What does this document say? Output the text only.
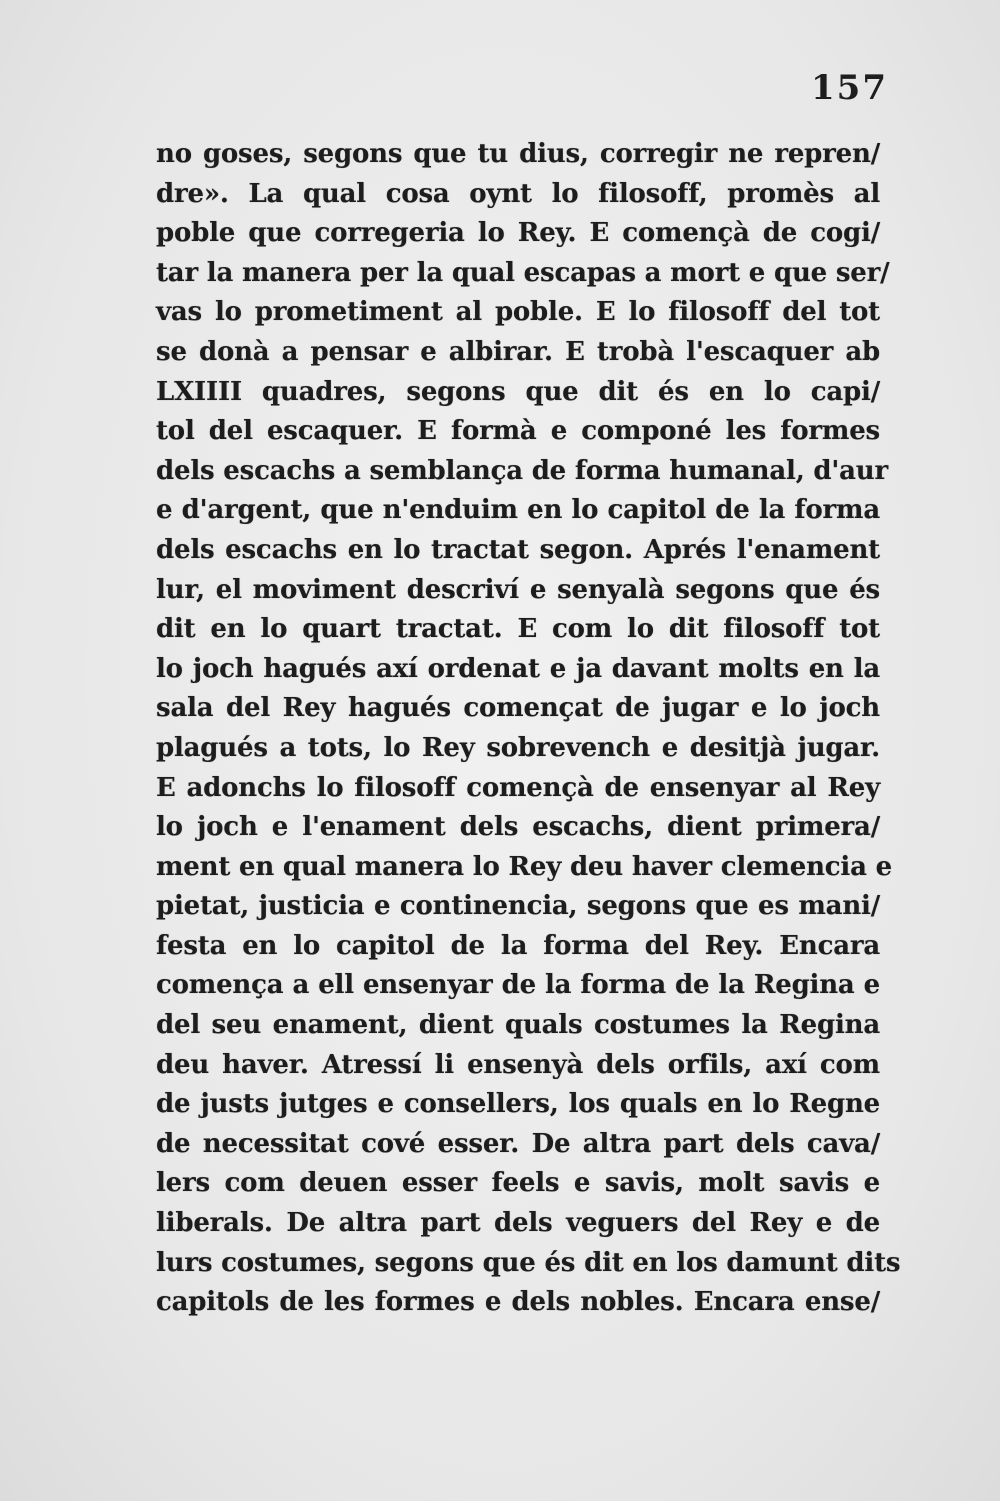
157
no goses, segons que tu dius, corregir ne repren/
dre». La qual cosa oynt lo filosoff, promès al
poble que corregeria lo Rey. E començà de cogi/
tar la manera per la qual escapas a mort e que ser/
vas lo prometiment al poble. E lo filosoff del tot
se donà a pensar e albirar. E trobà l'escaquer ab
LXIIII quadres, segons que dit és en lo capi/
tol del escaquer. E formà e componé les formes
dels escachs a semblança de forma humanal, d'aur
e d'argent, que n'enduim en lo capitol de la forma
dels escachs en lo tractat segon. Aprés l'enament
lur, el moviment descriví e senyalà segons que és
dit en lo quart tractat. E com lo dit filosoff tot
lo joch hagués axí ordenat e ja davant molts en la
sala del Rey hagués començat de jugar e lo joch
plagués a tots, lo Rey sobrevench e desitjà jugar.
E adonchs lo filosoff començà de ensenyar al Rey
lo joch e l'enament dels escachs, dient primera/
ment en qual manera lo Rey deu haver clemencia e
pietat, justicia e continencia, segons que es mani/
festa en lo capitol de la forma del Rey. Encara
comença a ell ensenyar de la forma de la Regina e
del seu enament, dient quals costumes la Regina
deu haver. Atressí li ensenyà dels orfils, axí com
de justs jutges e consellers, los quals en lo Regne
de necessitat cové esser. De altra part dels cava/
lers com deuen esser feels e savis, molt savis e
liberals. De altra part dels veguers del Rey e de
lurs costumes, segons que és dit en los damunt dits
capitols de les formes e dels nobles. Encara ense/
